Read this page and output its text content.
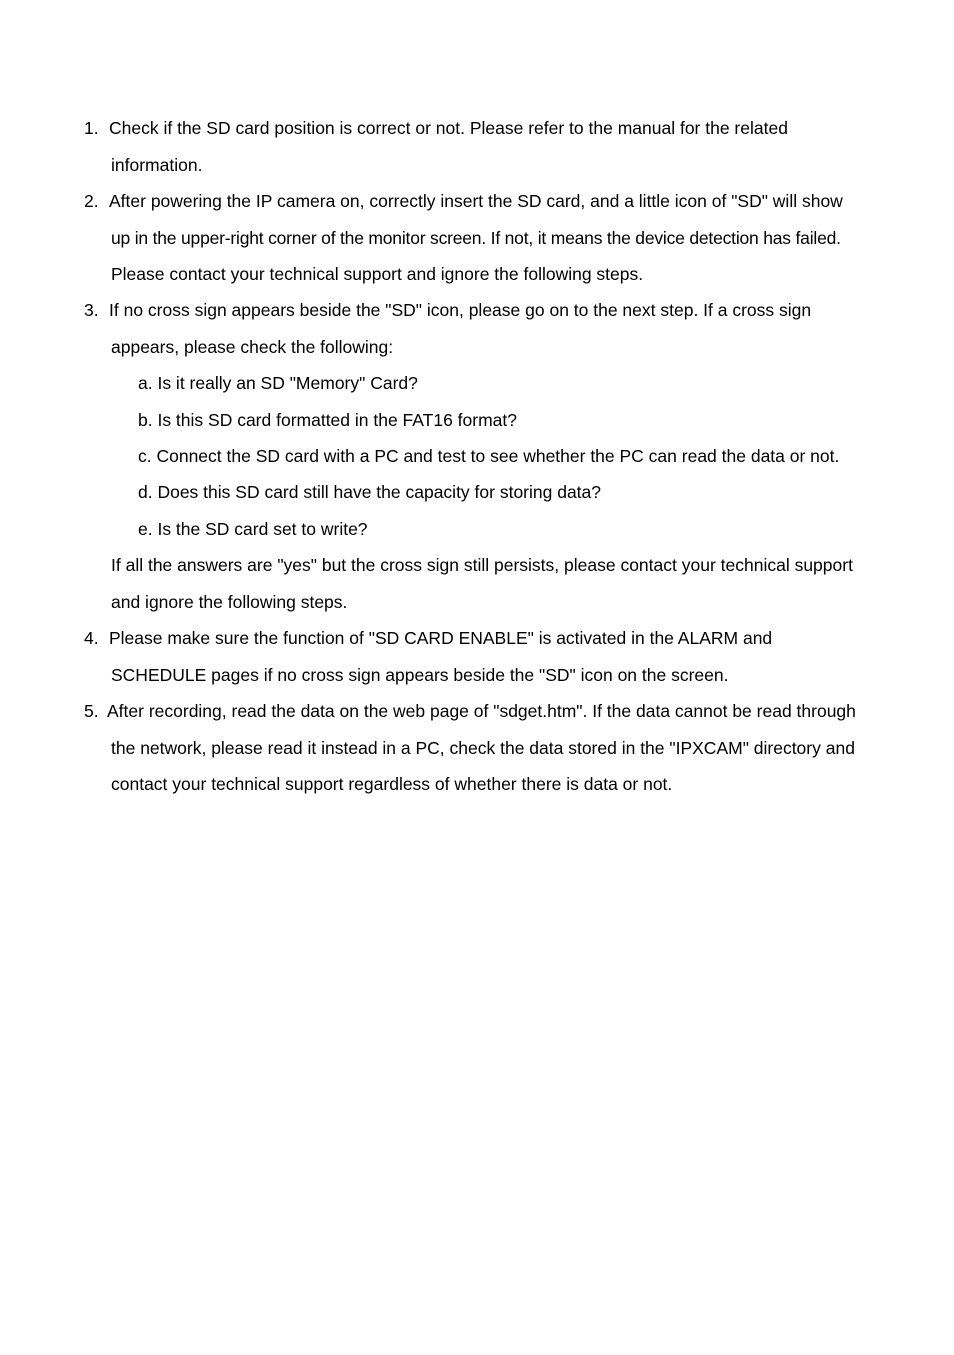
1. Check if the SD card position is correct or not. Please refer to the manual for the related
information.
2. After powering the IP camera on, correctly insert the SD card, and a little icon of "SD" will show
up in the upper-right corner of the monitor screen. If not, it means the device detection has failed.
Please contact your technical support and ignore the following steps.
3. If no cross sign appears beside the "SD" icon, please go on to the next step. If a cross sign
appears, please check the following:
a. Is it really an SD "Memory" Card?
b. Is this SD card formatted in the FAT16 format?
c. Connect the SD card with a PC and test to see whether the PC can read the data or not.
d. Does this SD card still have the capacity for storing data?
e. Is the SD card set to write?
If all the answers are "yes" but the cross sign still persists, please contact your technical support
and ignore the following steps.
4. Please make sure the function of "SD CARD ENABLE" is activated in the ALARM and
SCHEDULE pages if no cross sign appears beside the "SD" icon on the screen.
5. After recording, read the data on the web page of "sdget.htm". If the data cannot be read through
the network, please read it instead in a PC, check the data stored in the "IPXCAM" directory and
contact your technical support regardless of whether there is data or not.
